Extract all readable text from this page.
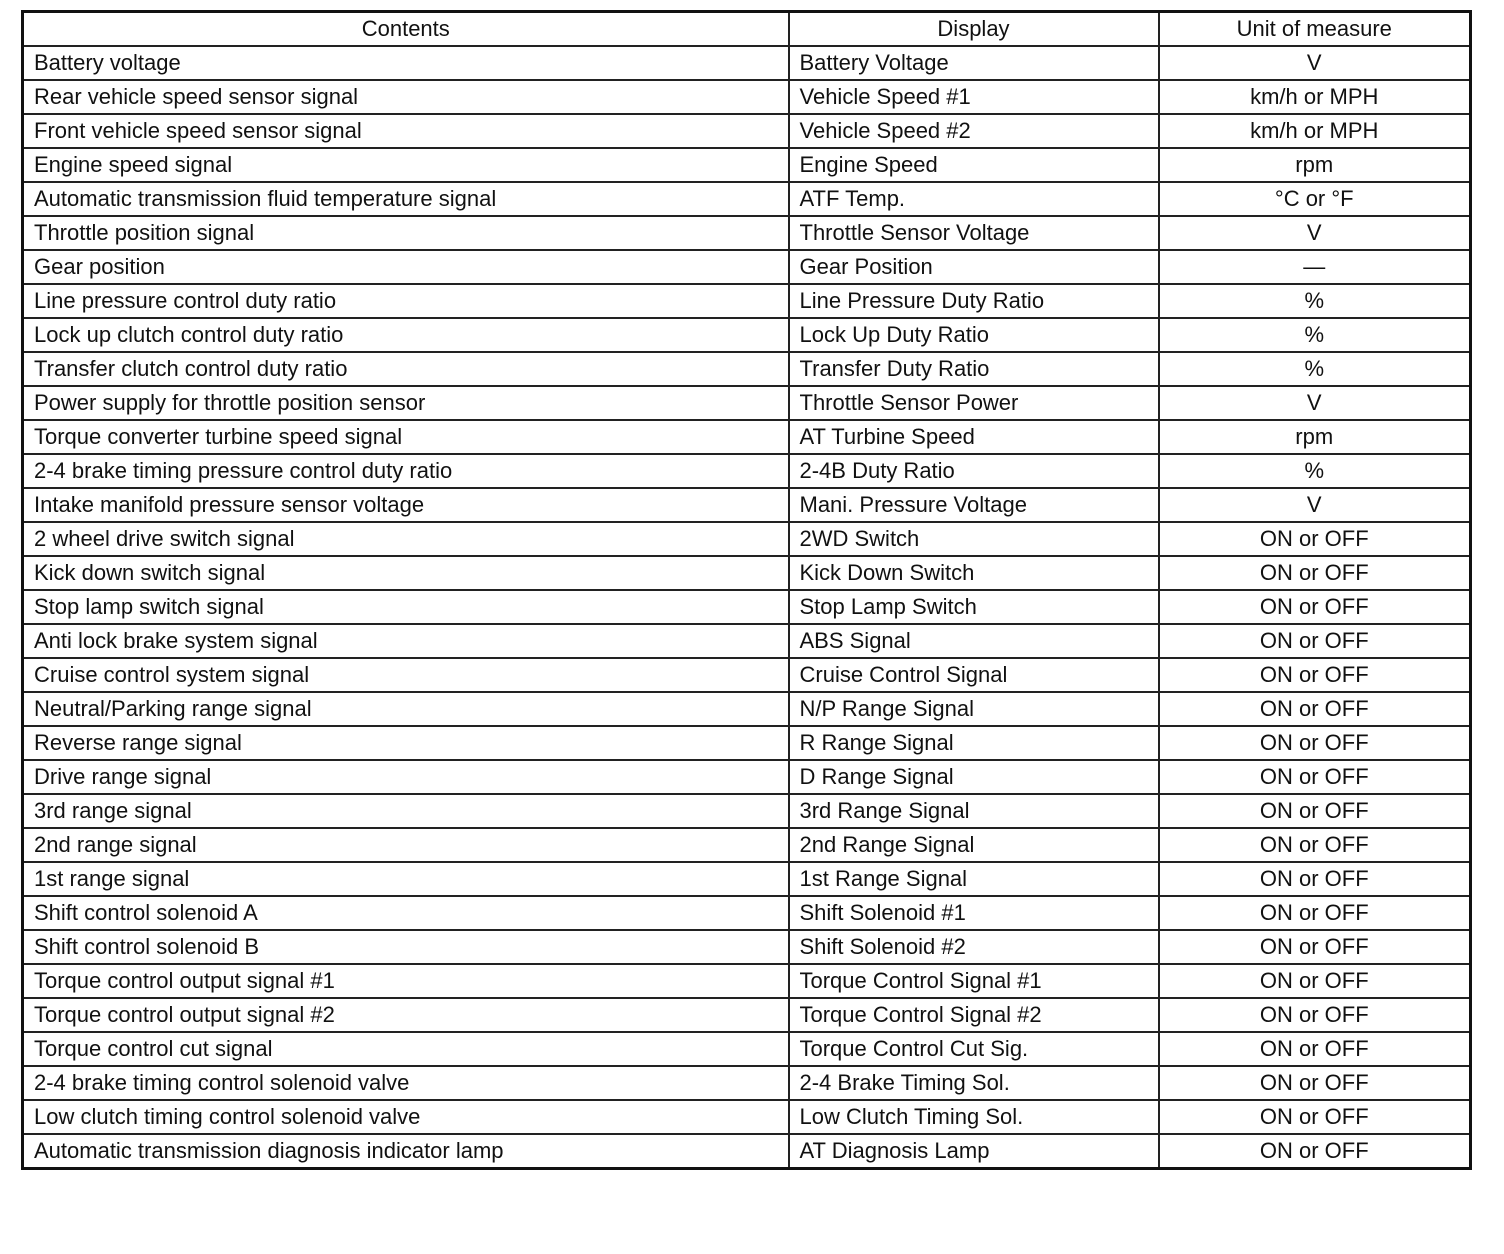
Contents	Display	Unit of measure
Battery voltage	Battery Voltage	V
Rear vehicle speed sensor signal	Vehicle Speed #1	km/h or MPH
Front vehicle speed sensor signal	Vehicle Speed #2	km/h or MPH
Engine speed signal	Engine Speed	rpm
Automatic transmission fluid temperature signal	ATF Temp.	°C or °F
Throttle position signal	Throttle Sensor Voltage	V
Gear position	Gear Position	—
Line pressure control duty ratio	Line Pressure Duty Ratio	%
Lock up clutch control duty ratio	Lock Up Duty Ratio	%
Transfer clutch control duty ratio	Transfer Duty Ratio	%
Power supply for throttle position sensor	Throttle Sensor Power	V
Torque converter turbine speed signal	AT Turbine Speed	rpm
2-4 brake timing pressure control duty ratio	2-4B Duty Ratio	%
Intake manifold pressure sensor voltage	Mani. Pressure Voltage	V
2 wheel drive switch signal	2WD Switch	ON or OFF
Kick down switch signal	Kick Down Switch	ON or OFF
Stop lamp switch signal	Stop Lamp Switch	ON or OFF
Anti lock brake system signal	ABS Signal	ON or OFF
Cruise control system signal	Cruise Control Signal	ON or OFF
Neutral/Parking range signal	N/P Range Signal	ON or OFF
Reverse range signal	R Range Signal	ON or OFF
Drive range signal	D Range Signal	ON or OFF
3rd range signal	3rd Range Signal	ON or OFF
2nd range signal	2nd Range Signal	ON or OFF
1st range signal	1st Range Signal	ON or OFF
Shift control solenoid A	Shift Solenoid #1	ON or OFF
Shift control solenoid B	Shift Solenoid #2	ON or OFF
Torque control output signal #1	Torque Control Signal #1	ON or OFF
Torque control output signal #2	Torque Control Signal #2	ON or OFF
Torque control cut signal	Torque Control Cut Sig.	ON or OFF
2-4 brake timing control solenoid valve	2-4 Brake Timing Sol.	ON or OFF
Low clutch timing control solenoid valve	Low Clutch Timing Sol.	ON or OFF
Automatic transmission diagnosis indicator lamp	AT Diagnosis Lamp	ON or OFF
